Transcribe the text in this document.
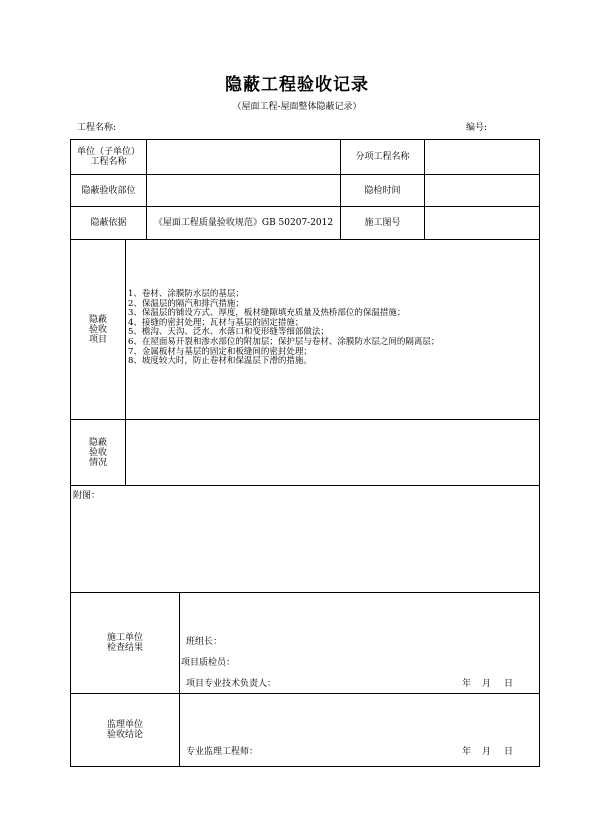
隐蔽工程验收记录
（屋面工程-屋面整体隐蔽记录）
工程名称:	编号:
单位（子单位）
工程名称	分项工程名称
隐蔽验收部位	隐检时间
隐蔽依据	《屋面工程质量验收规范》GB 50207-2012	施工图号
隐蔽
验收
项目
1、卷材、涂膜防水层的基层；
2、保温层的隔汽和排汽措施；
3、保温层的铺设方式、厚度，板材缝隙填充质量及热桥部位的保温措施；
4、接缝的密封处理；瓦材与基层的固定措施；
5、檐沟、天沟、泛水、水落口和变形缝等细部做法；
6、在屋面易开裂和渗水部位的附加层；保护层与卷材、涂膜防水层之间的隔离层；
7、金属板材与基层的固定和板缝间的密封处理；
8、坡度较大时，防止卷材和保温层下滑的措施。
隐蔽
验收
情况
附图：
施工单位
检查结果
班组长：
项目质检员：
项目专业技术负责人：	年 月 日
监理单位
验收结论
专业监理工程师：	年 月 日
